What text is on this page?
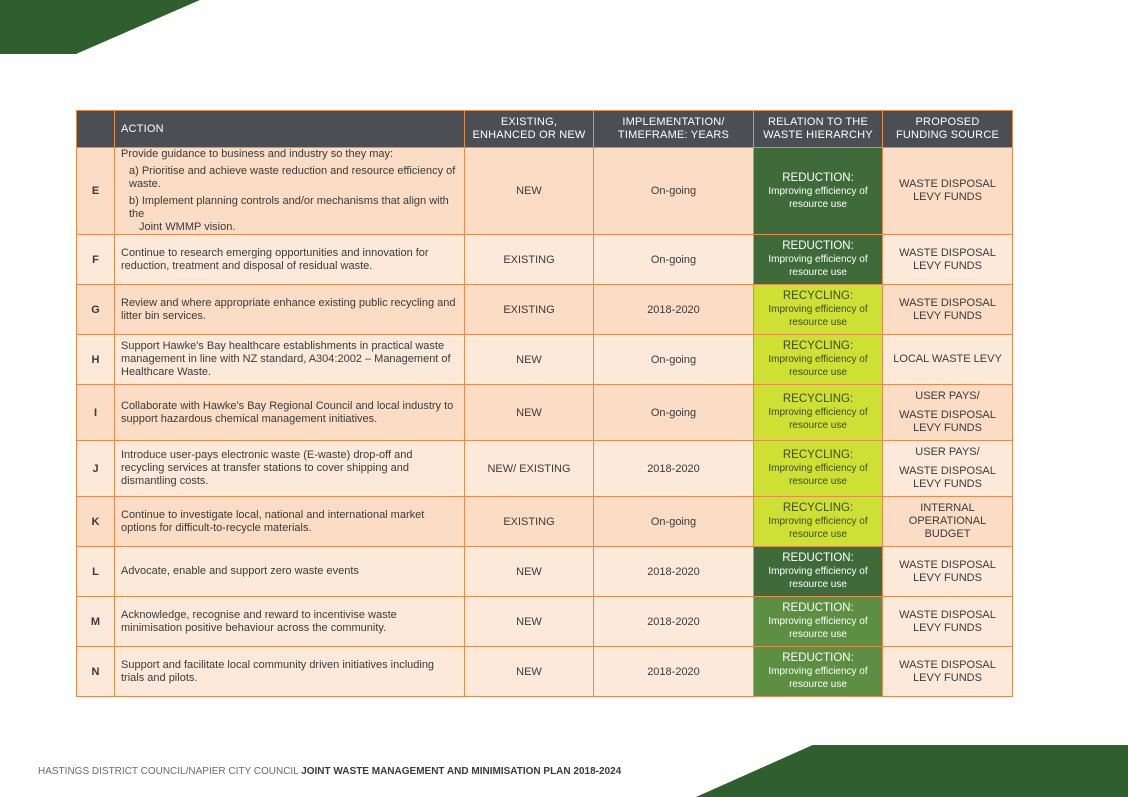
	ACTION	EXISTING, ENHANCED OR NEW	IMPLEMENTATION/ TIMEFRAME: YEARS	RELATION TO THE WASTE HIERARCHY	PROPOSED FUNDING SOURCE
E	Provide guidance to business and industry so they may:
a) Prioritise and achieve waste reduction and resource efficiency of waste.
b) Implement planning controls and/or mechanisms that align with the
Joint WMMP vision.	NEW	On-going	REDUCTION:
Improving efficiency of resource use	WASTE DISPOSAL LEVY FUNDS
F	Continue to research emerging opportunities and innovation for reduction, treatment and disposal of residual waste.	EXISTING	On-going	REDUCTION:
Improving efficiency of resource use	WASTE DISPOSAL LEVY FUNDS
G	Review and where appropriate enhance existing public recycling and litter bin services.	EXISTING	2018-2020	RECYCLING:
Improving efficiency of resource use	WASTE DISPOSAL LEVY FUNDS
H	Support Hawke's Bay healthcare establishments in practical waste management in line with NZ standard, A304:2002 – Management of Healthcare Waste.	NEW	On-going	RECYCLING:
Improving efficiency of resource use	LOCAL WASTE LEVY
I	Collaborate with Hawke's Bay Regional Council and local industry to support hazardous chemical management initiatives.	NEW	On-going	RECYCLING:
Improving efficiency of resource use	USER PAYS/
WASTE DISPOSAL LEVY FUNDS

J	Introduce user-pays electronic waste (E-waste) drop-off and recycling services at transfer stations to cover shipping and dismantling costs.	NEW/ EXISTING	2018-2020	RECYCLING:
Improving efficiency of resource use	USER PAYS/
WASTE DISPOSAL LEVY FUNDS

K	Continue to investigate local, national and international market options for difficult-to-recycle materials.	EXISTING	On-going	RECYCLING:
Improving efficiency of resource use	INTERNAL OPERATIONAL BUDGET
L	Advocate, enable and support zero waste events	NEW	2018-2020	REDUCTION:
Improving efficiency of resource use	WASTE DISPOSAL LEVY FUNDS
M	Acknowledge, recognise and reward to incentivise waste minimisation positive behaviour across the community.	NEW	2018-2020	REDUCTION:
Improving efficiency of resource use	WASTE DISPOSAL LEVY FUNDS
N	Support and facilitate local community driven initiatives including trials and pilots.	NEW	2018-2020	REDUCTION:
Improving efficiency of resource use	WASTE DISPOSAL LEVY FUNDS
HASTINGS DISTRICT COUNCIL/NAPIER CITY COUNCIL JOINT WASTE MANAGEMENT AND MINIMISATION PLAN 2018-2024
